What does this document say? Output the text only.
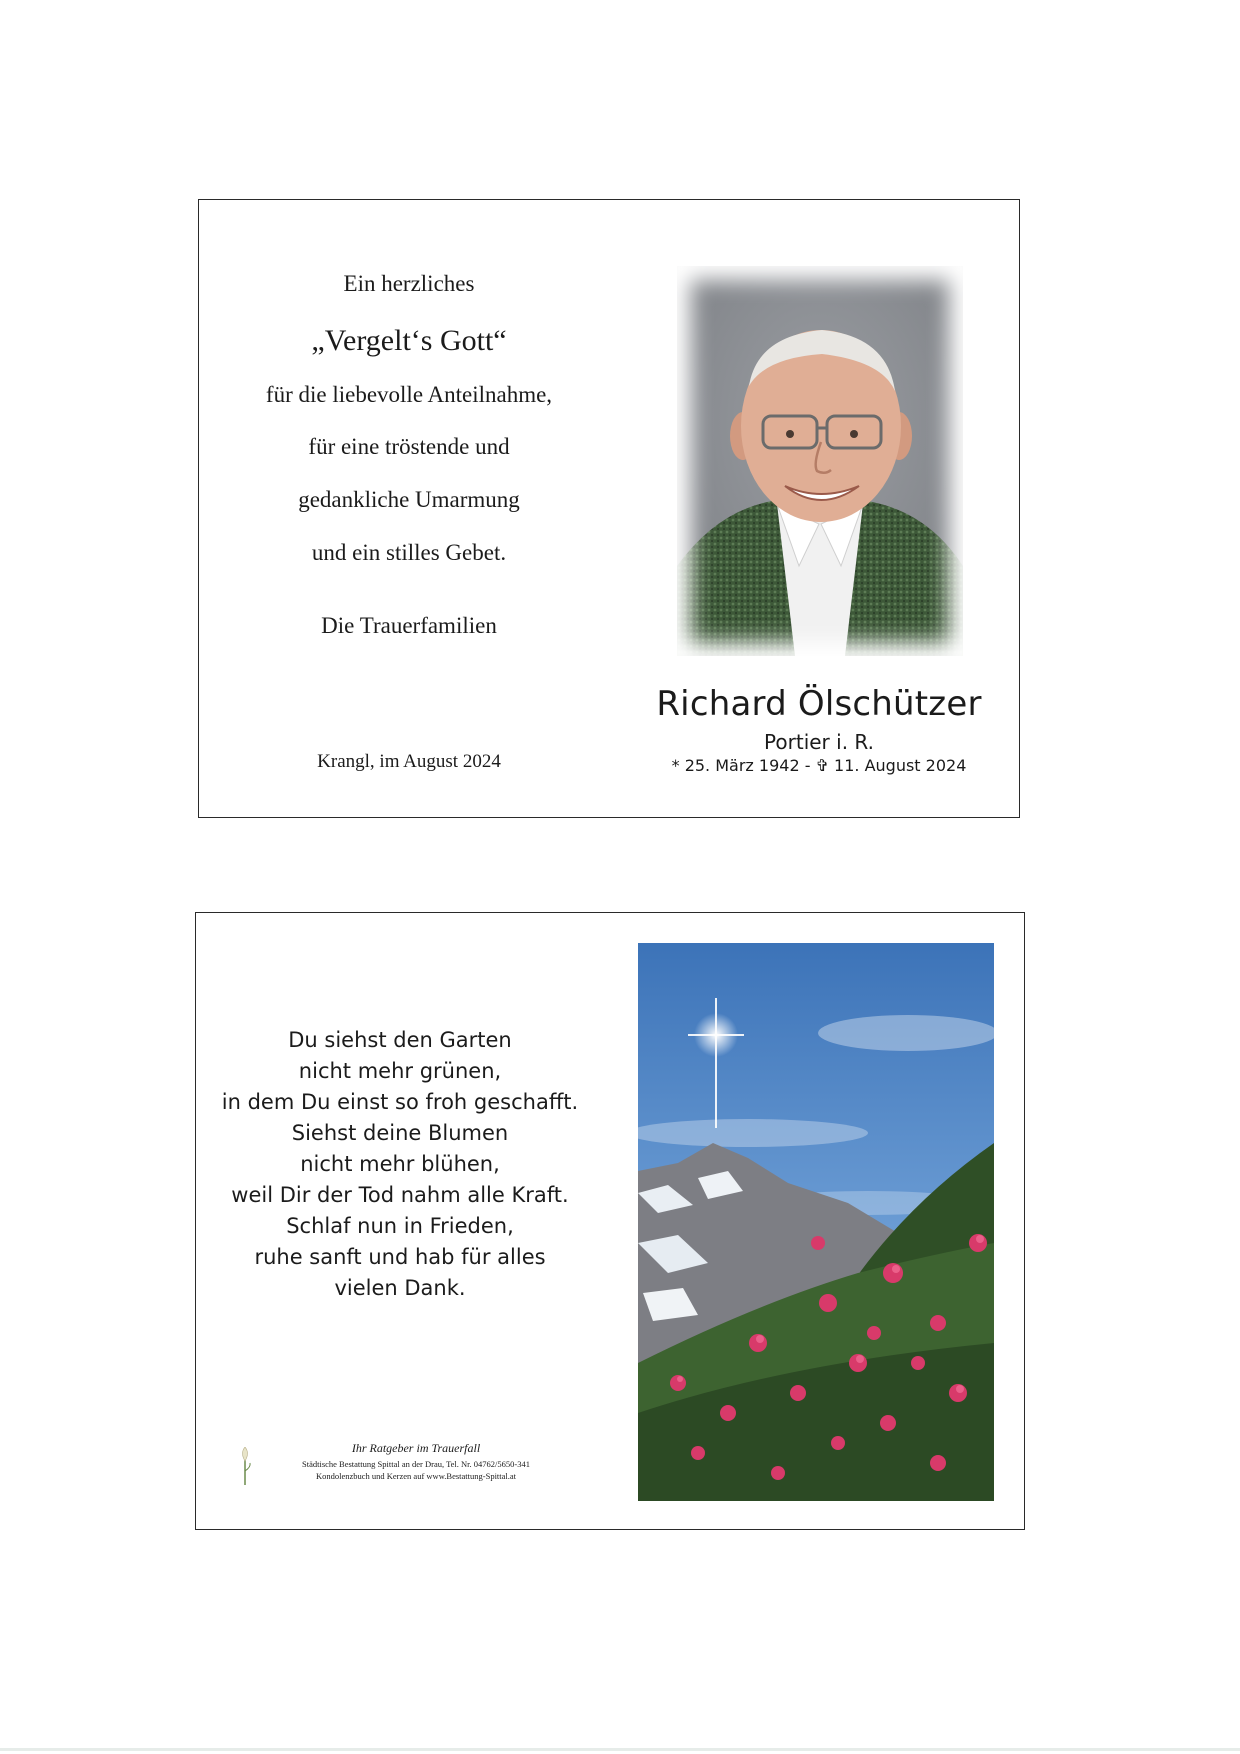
Ein herzliches
„Vergelt‘s Gott“
für die liebevolle Anteilnahme,
für eine tröstende und
gedankliche Umarmung
und ein stilles Gebet.
Die Trauerfamilien
Richard Ölschützer
Portier i. R.
* 25. März 1942 - ✞ 11. August 2024
Krangl, im August 2024
Du siehst den Garten
nicht mehr grünen,
in dem Du einst so froh geschafft.
Siehst deine Blumen
nicht mehr blühen,
weil Dir der Tod nahm alle Kraft.
Schlaf nun in Frieden,
ruhe sanft und hab für alles
vielen Dank.
Ihr Ratgeber im Trauerfall
Städtische Bestattung Spittal an der Drau, Tel. Nr. 04762/5650-341
Kondolenzbuch und Kerzen auf www.Bestattung-Spittal.at
